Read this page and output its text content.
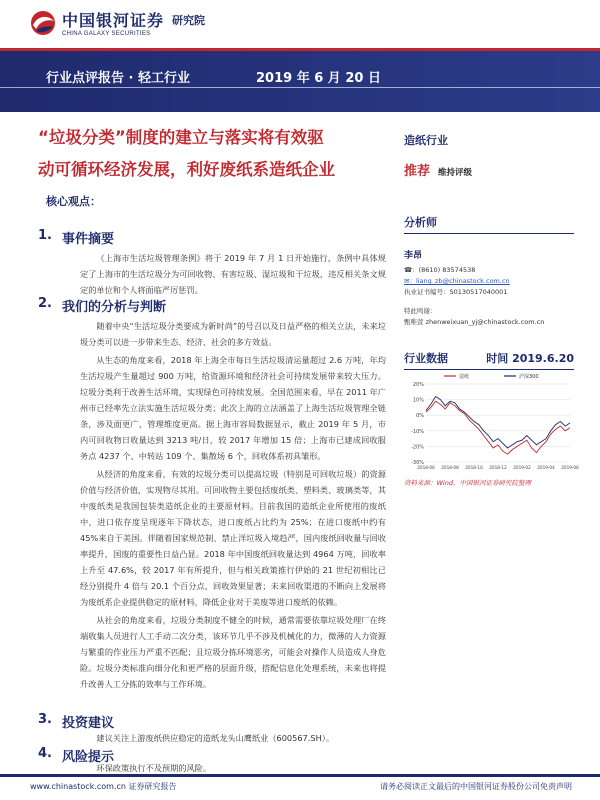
中国银河证券
CHINA GALAXY SECURITIES
研究院
行业点评报告 · 轻工行业	2019 年 6 月 20 日
“垃圾分类”制度的建立与落实将有效驱
动可循环经济发展，利好废纸系造纸企业
核心观点：
1. 事件摘要

《上海市生活垃圾管理条例》将于 2019 年 7 月 1 日开始施行，条例中具体规定了上海市的生活垃圾分为可回收物、有害垃圾、湿垃圾和干垃圾，违反相关条文规定的单位和个人将面临严厉惩罚。

2. 我们的分析与判断

随着中央“生活垃圾分类要成为新时尚”的号召以及日益严格的相关立法，未来垃圾分类可以进一步带来生态、经济、社会的多方效益。

从生态的角度来看，2018 年上海全市每日生活垃圾清运量超过 2.6 万吨，年均生活垃圾产生量超过 900 万吨，给资源环境和经济社会可持续发展带来较大压力。垃圾分类利于改善生活环境，实现绿色可持续发展。全国范围来看，早在 2011 年广州市已经率先立法实施生活垃圾分类；此次上海的立法涵盖了上海生活垃圾管理全链条，涉及面更广，管理维度更高。据上海市容局数据显示，截止 2019 年 5 月，市内可回收物日收量达到 3213 吨/日，较 2017 年增加 15 倍；上海市已建成回收服务点 4237 个、中转站 109 个、集散场 6 个，回收体系初具雏形。

从经济的角度来看，有效的垃圾分类可以提高垃圾（特别是可回收垃圾）的资源价值与经济价值，实现物尽其用。可回收物主要包括废纸类、塑料类、玻璃类等，其中废纸类是我国包装类造纸企业的主要原材料。目前我国的造纸企业所使用的废纸中，进口依存度呈现逐年下降状态，进口废纸占比约为 25%；在进口废纸中约有 45%来自于美国。伴随着国家规范制、禁止洋垃圾入境趋严，国内废纸回收量与回收率提升，国废的重要性日益凸显。2018 年中国废纸回收量达到 4964 万吨，回收率上升至 47.6%，较 2017 年有所提升，但与相关政策推行伊始的 21 世纪初相比已经分别提升 4 倍与 20.1 个百分点，回收效果显著；未来回收渠道的不断向上发展将为废纸系企业提供稳定的原材料，降低企业对于美废等进口废纸的依赖。

从社会的角度来看，垃圾分类制度不健全的时候，通常需要依靠垃圾处理厂在终端收集人员进行人工手动二次分类，该环节几乎不涉及机械化的力，微薄的人力资源与繁重的作业压力严重不匹配；且垃圾分拣环境恶劣，可能会对操作人员造成人身危险。垃圾分类标准向细分化和更严格的层面升级，搭配信息化处理系统，未来也将提升改善人工分拣的效率与工作环境。

3. 投资建议

建议关注上游废纸供应稳定的造纸龙头山鹰纸业（600567.SH）。

4. 风险提示

环保政策执行不及预期的风险。

造纸行业
推荐 维持评级
分析师
李昂
☎：(8610) 83574538
✉：liang_zb@chinastock.com.cn
执业证书编号：S0130517040001
特此鸣谢：
甄唯萱 zhenweixuan_yj@chinastock.com.cn
行业数据	时间 2019.6.20
20%
10%
0%
-10%
-20%
-30%
2018-06 2018-08 2018-10 2018-12 2019-02 2019-04 2019-06
造纸	沪深300
资料来源：Wind，中国银河证券研究院整理
www.chinastock.com.cn 证券研究报告	请务必阅读正文最后的中国银河证券股份公司免责声明
